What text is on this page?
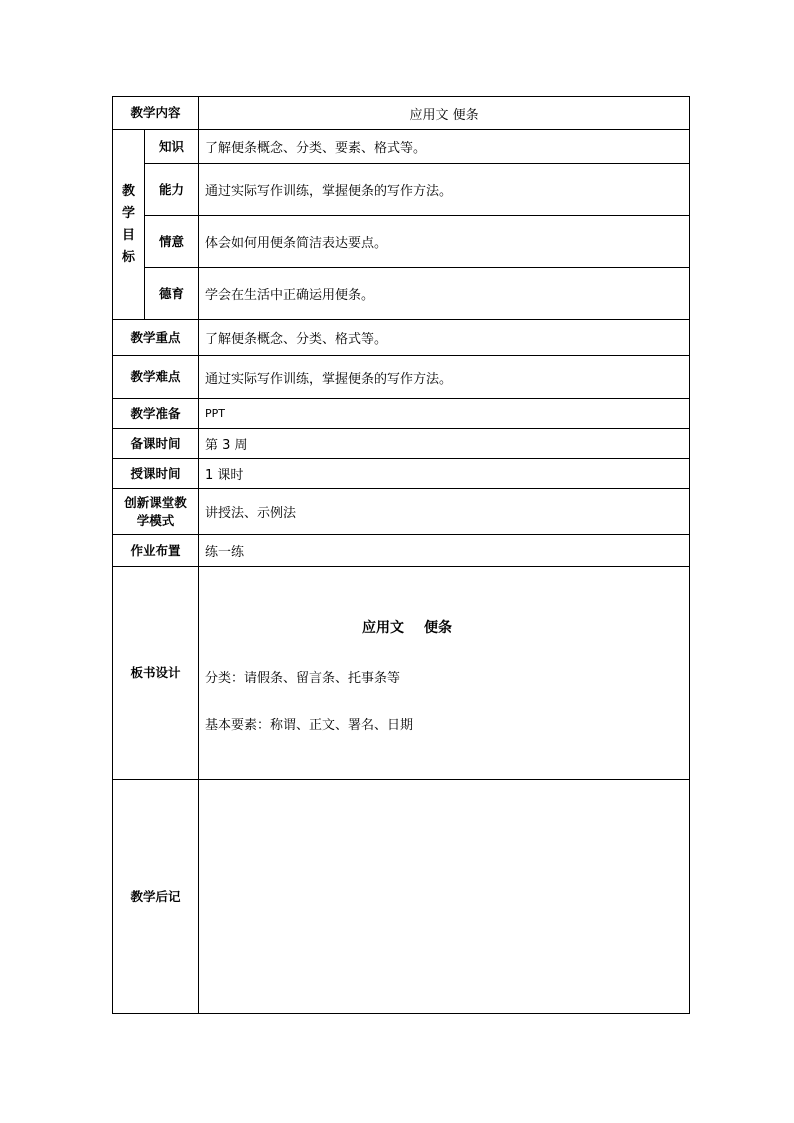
教学内容		应用文 便条

教
学
目
标	知识	了解便条概念、分类、要素、格式等。
	能力	通过实际写作训练，掌握便条的写作方法。
	情意	体会如何用便条简洁表达要点。
	德育	学会在生活中正确运用便条。
教学重点		了解便条概念、分类、格式等。
教学难点		通过实际写作训练，掌握便条的写作方法。
教学准备		PPT
备课时间		第 3 周
授课时间		1 课时

创新课堂教
学模式		讲授法、示例法
作业布置		练一练
板书设计		应用文 便条
分类：请假条、留言条、托事条等
基本要素：称谓、正文、署名、日期

教学后记		
